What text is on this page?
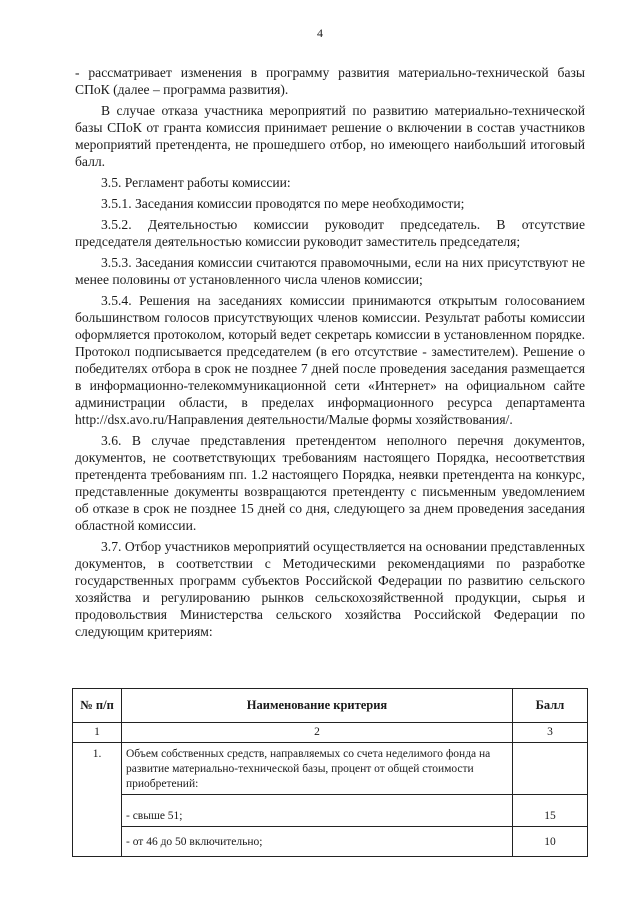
4

- рассматривает изменения в программу развития материально-технической базы СПоК (далее – программа развития).

В случае отказа участника мероприятий по развитию материально-технической базы СПоК от гранта комиссия принимает решение о включении в состав участников мероприятий претендента, не прошедшего отбор, но имеющего наибольший итоговый балл.

3.5. Регламент работы комиссии:

3.5.1. Заседания комиссии проводятся по мере необходимости;

3.5.2. Деятельностью комиссии руководит председатель. В отсутствие председателя деятельностью комиссии руководит заместитель председателя;

3.5.3. Заседания комиссии считаются правомочными, если на них присутствуют не менее половины от установленного числа членов комиссии;

3.5.4. Решения на заседаниях комиссии принимаются открытым голосованием большинством голосов присутствующих членов комиссии. Результат работы комиссии оформляется протоколом, который ведет секретарь комиссии в установленном порядке. Протокол подписывается председателем (в его отсутствие - заместителем). Решение о победителях отбора в срок не позднее 7 дней после проведения заседания размещается в информационно-телекоммуникационной сети «Интернет» на официальном сайте администрации области, в пределах информационного ресурса департамента http://dsx.avo.ru/Направления деятельности/Малые формы хозяйствования/.

3.6. В случае представления претендентом неполного перечня документов, документов, не соответствующих требованиям настоящего Порядка, несоответствия претендента требованиям пп. 1.2 настоящего Порядка, неявки претендента на конкурс, представленные документы возвращаются претенденту с письменным уведомлением об отказе в срок не позднее 15 дней со дня, следующего за днем проведения заседания областной комиссии.

3.7. Отбор участников мероприятий осуществляется на основании представленных документов, в соответствии с Методическими рекомендациями по разработке государственных программ субъектов Российской Федерации по развитию сельского хозяйства и регулированию рынков сельскохозяйственной продукции, сырья и продовольствия Министерства сельского хозяйства Российской Федерации по следующим критериям:

№ п/п	Наименование критерия	Балл
1	2	3
1.	Объем собственных средств, направляемых со счета неделимого фонда на развитие материально-технической базы, процент от общей стоимости приобретений:	
	- свыше 51;	15
	- от 46 до 50 включительно;	10
